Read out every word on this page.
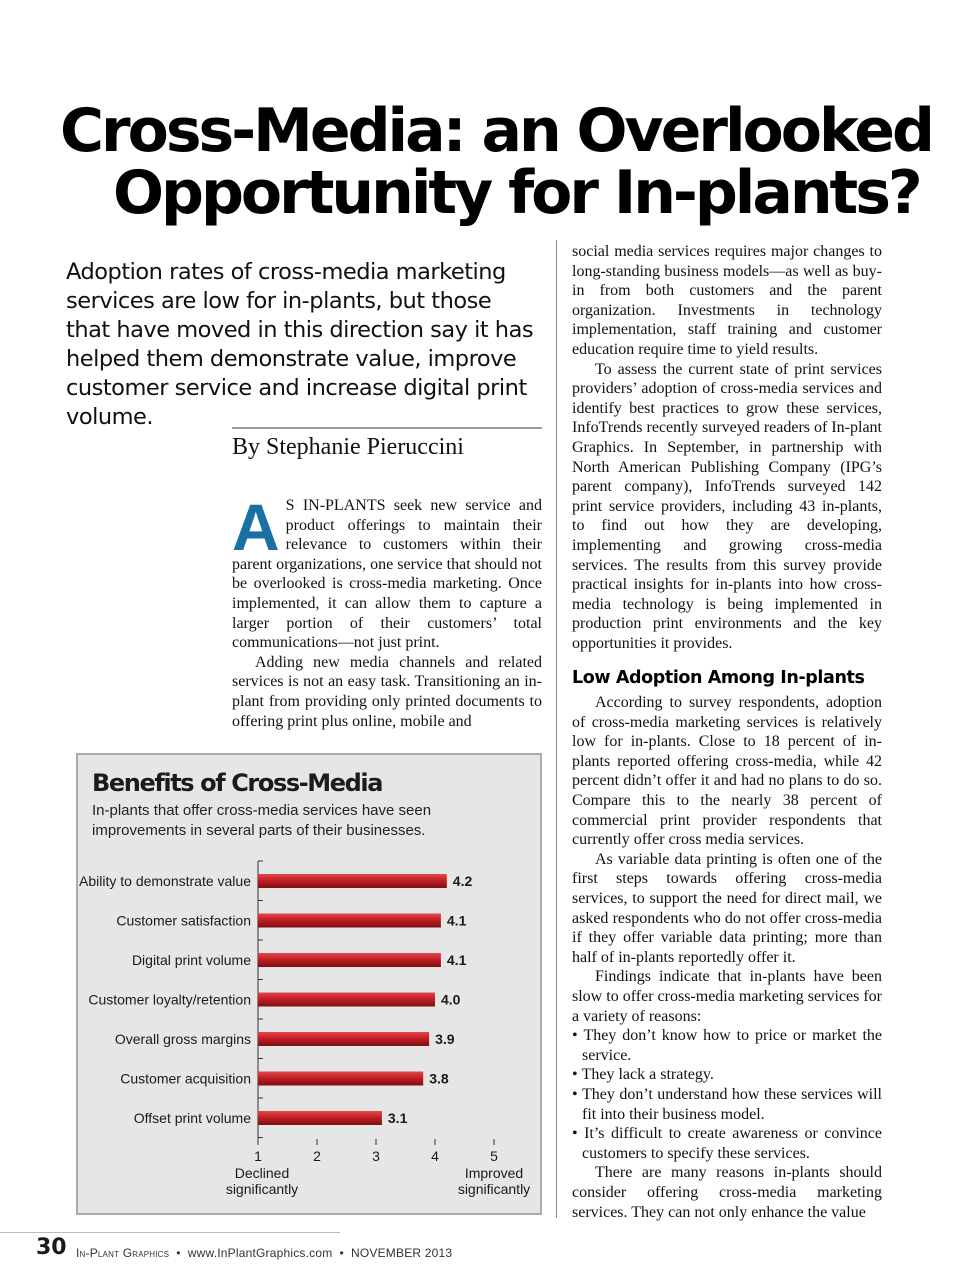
Cross-Media: an Overlooked
Opportunity for In-plants?

Adoption rates of cross-media marketing services are low for in-plants, but those that have moved in this direction say it has helped them demonstrate value, improve customer service and increase digital print volume.

By Stephanie Pieruccini

A S IN-PLANTS seek new service and product offerings to maintain their relevance to customers within their parent organizations, one service that should not be overlooked is cross-media marketing. Once implemented, it can allow them to capture a larger portion of their customers’ total communications—not just print.

Adding new media channels and related services is not an easy task. Transitioning an in-plant from providing only printed documents to offering print plus online, mobile and

social media services requires major changes to long-standing business models—as well as buy-in from both customers and the parent organization. Investments in technology implementation, staff training and customer education require time to yield results.

To assess the current state of print services providers’ adoption of cross-media services and identify best practices to grow these services, InfoTrends recently surveyed readers of In-plant Graphics. In September, in partnership with North American Publishing Company (IPG’s parent company), InfoTrends surveyed 142 print service providers, including 43 in-plants, to find out how they are developing, implementing and growing cross-media services. The results from this survey provide practical insights for in-plants into how cross-media technology is being implemented in production print environments and the key opportunities it provides.

Low Adoption Among In-plants

According to survey respondents, adoption of cross-media marketing services is relatively low for in-plants. Close to 18 percent of in-plants reported offering cross-media, while 42 percent didn’t offer it and had no plans to do so. Compare this to the nearly 38 percent of commercial print provider respondents that currently offer cross media services.

As variable data printing is often one of the first steps towards offering cross-media services, to support the need for direct mail, we asked respondents who do not offer cross-media if they offer variable data printing; more than half of in-plants reportedly offer it.

Findings indicate that in-plants have been slow to offer cross-media marketing services for a variety of reasons:

• They don’t know how to price or market the service.
• They lack a strategy.
• They don’t understand how these services will fit into their business model.
• It’s difficult to create awareness or convince customers to specify these services.

There are many reasons in-plants should consider offering cross-media marketing services. They can not only enhance the value

Benefits of Cross-Media

In-plants that offer cross-media services have seen improvements in several parts of their businesses.

Ability to demonstrate value	4.2
Customer satisfaction	4.1
Digital print volume	4.1
Customer loyalty/retention	4.0
Overall gross margins	3.9
Customer acquisition	3.8
Offset print volume	3.1
1	2	3	4	5
Declined
significantly
Improved
significantly

30 In-Plant Graphics • www.InPlantGraphics.com • NOVEMBER 2013
